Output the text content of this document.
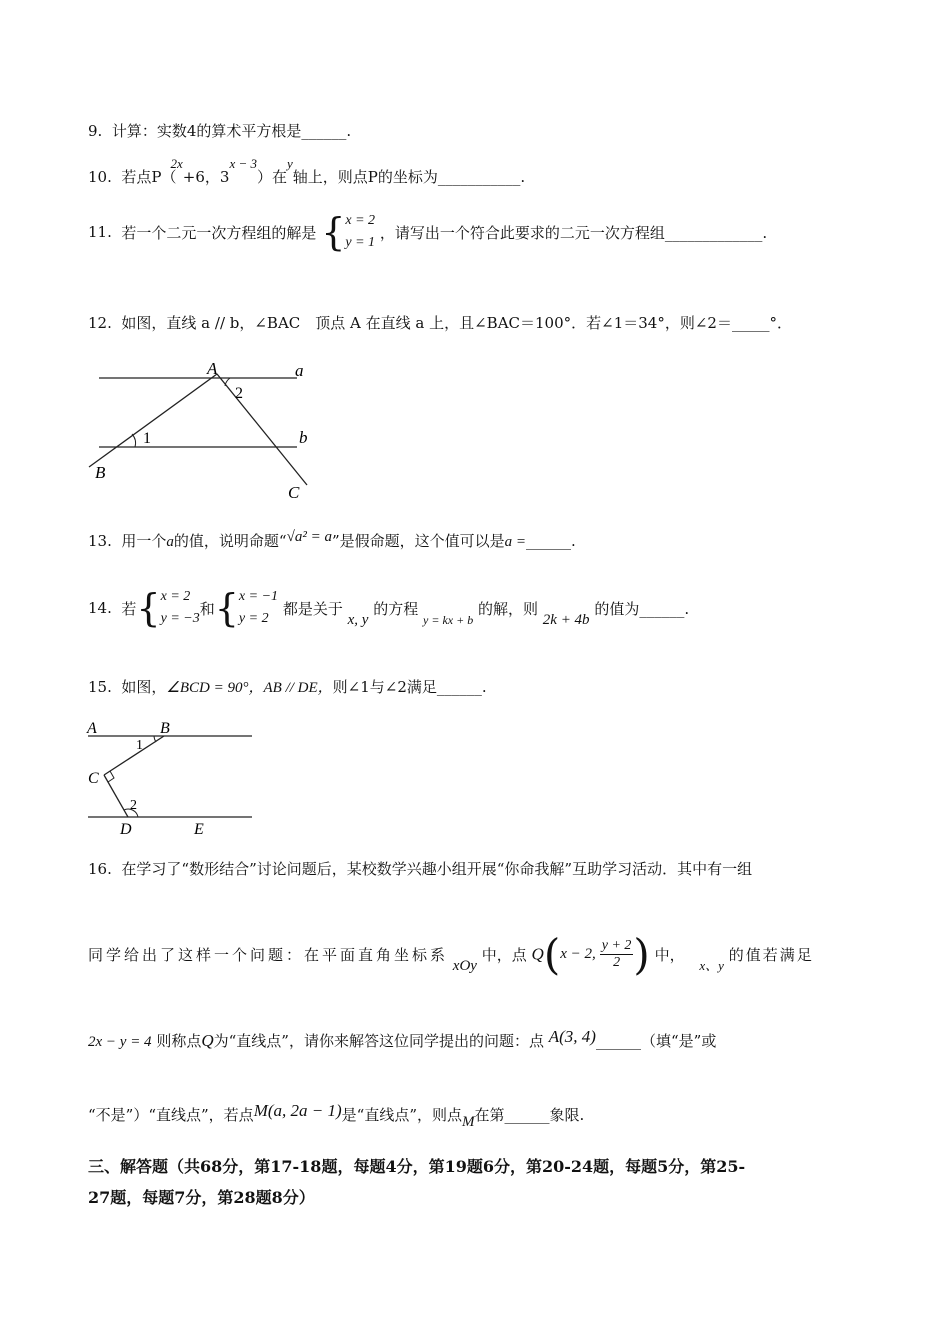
9. 计算：实数4的算术平方根是______.
10. 若点P（2x+6，3x − 3）在y轴上，则点P的坐标为___________.
11. 若一个二元一次方程组的解是 {x = 2
y = 1 ，请写出一个符合此要求的二元一次方程组_____________.
12. 如图，直线 a // b，∠BAC　顶点 A 在直线 a 上，且∠BAC＝100°．若∠1＝34°，则∠2＝_____°．
A	a
b
B
C
1
2
13. 用一个a的值，说明命题“√a² = a”是假命题，这个值可以是a =______.
14. 若{x = 2
y = −3和{x = −1
y = 2 都是关于 x, y 的方程 y = kx + b 的解，则 2k + 4b 的值为______.
15. 如图，∠BCD = 90°，AB // DE，则∠1与∠2满足______.
A	B
C
D	E
1
2
16. 在学习了“数形结合”讨论问题后，某校数学兴趣小组开展“你命我解”互助学习活动．其中有一组
同学给出了这样一个问题：在平面直角坐标系 xOy 中，点 Q(x − 2, $\frac{y + 2}{2}$ ) 中， x、y 的值若满足
2x − y = 4 则称点Q为“直线点”，请你来解答这位同学提出的问题：点 A(3, 4)______（填“是”或
“不是”）“直线点”，若点M(a, 2a − 1)是“直线点”，则点M在第______象限.
三、解答题（共68分，第17-18题，每题4分，第19题6分，第20-24题，每题5分，第25-
27题，每题7分，第28题8分）
